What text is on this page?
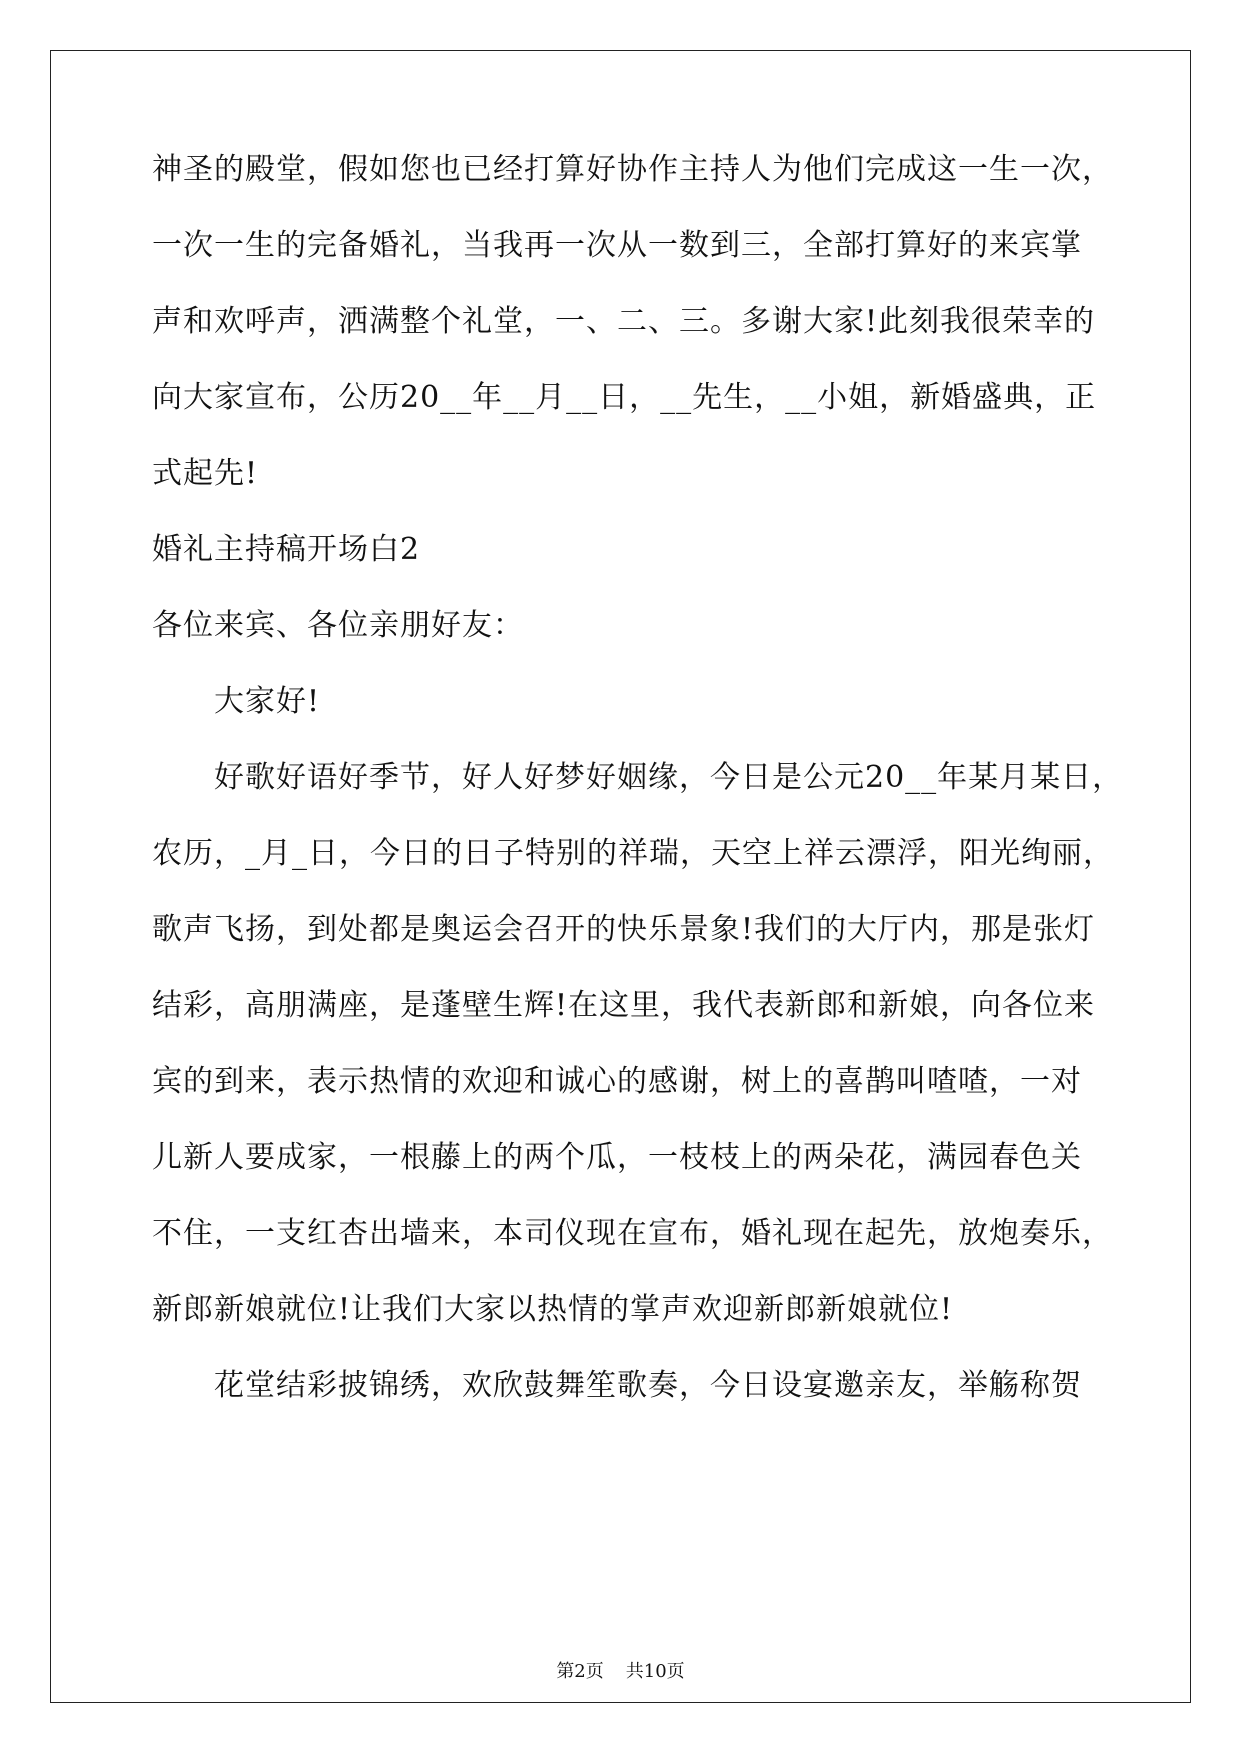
神圣的殿堂，假如您也已经打算好协作主持人为他们完成这一生一次，
一次一生的完备婚礼，当我再一次从一数到三，全部打算好的来宾掌
声和欢呼声，洒满整个礼堂，一、二、三。多谢大家!此刻我很荣幸的
向大家宣布，公历20__年__月__日，__先生，__小姐，新婚盛典，正
式起先!
婚礼主持稿开场白2
各位来宾、各位亲朋好友：
大家好!
好歌好语好季节，好人好梦好姻缘，今日是公元20__年某月某日，
农历，_月_日，今日的日子特别的祥瑞，天空上祥云漂浮，阳光绚丽，
歌声飞扬，到处都是奥运会召开的快乐景象!我们的大厅内，那是张灯
结彩，高朋满座，是蓬壁生辉!在这里，我代表新郎和新娘，向各位来
宾的到来，表示热情的欢迎和诚心的感谢，树上的喜鹊叫喳喳，一对
儿新人要成家，一根藤上的两个瓜，一枝枝上的两朵花，满园春色关
不住，一支红杏出墙来，本司仪现在宣布，婚礼现在起先，放炮奏乐，
新郎新娘就位!让我们大家以热情的掌声欢迎新郎新娘就位!
花堂结彩披锦绣，欢欣鼓舞笙歌奏，今日设宴邀亲友，举觞称贺
第2页 共10页
